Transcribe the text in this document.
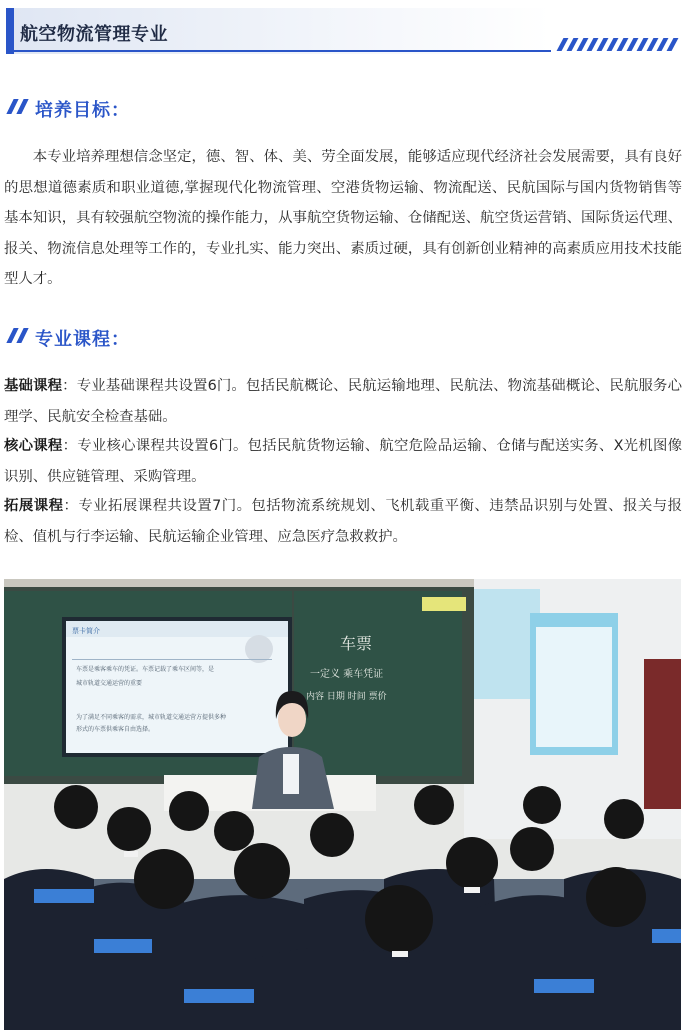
航空物流管理专业
培养目标：
本专业培养理想信念坚定，德、智、体、美、劳全面发展，能够适应现代经济社会发展需要，具有良好的思想道德素质和职业道德,掌握现代化物流管理、空港货物运输、物流配送、民航国际与国内货物销售等基本知识，具有较强航空物流的操作能力，从事航空货物运输、仓储配送、航空货运营销、国际货运代理、报关、物流信息处理等工作的，专业扎实、能力突出、素质过硬，具有创新创业精神的高素质应用技术技能型人才。
专业课程：
基础课程：专业基础课程共设置6门。包括民航概论、民航运输地理、民航法、物流基础概论、民航服务心理学、民航安全检查基础。
核心课程：专业核心课程共设置6门。包括民航货物运输、航空危险品运输、仓储与配送实务、X光机图像识别、供应链管理、采购管理。
拓展课程：专业拓展课程共设置7门。包括物流系统规划、飞机载重平衡、违禁品识别与处置、报关与报检、值机与行李运输、民航运输企业管理、应急医疗急救救护。
票卡简介
车票是乘客乘车的凭证。车票记载了乘车区间等，是
城市轨道交通运营的重要
为了满足不同乘客的需求，城市轨道交通运营方提供多种
形式的车票供乘客自由选择。
车票
一定义 乘车凭证
内容 日期 时间 票价
